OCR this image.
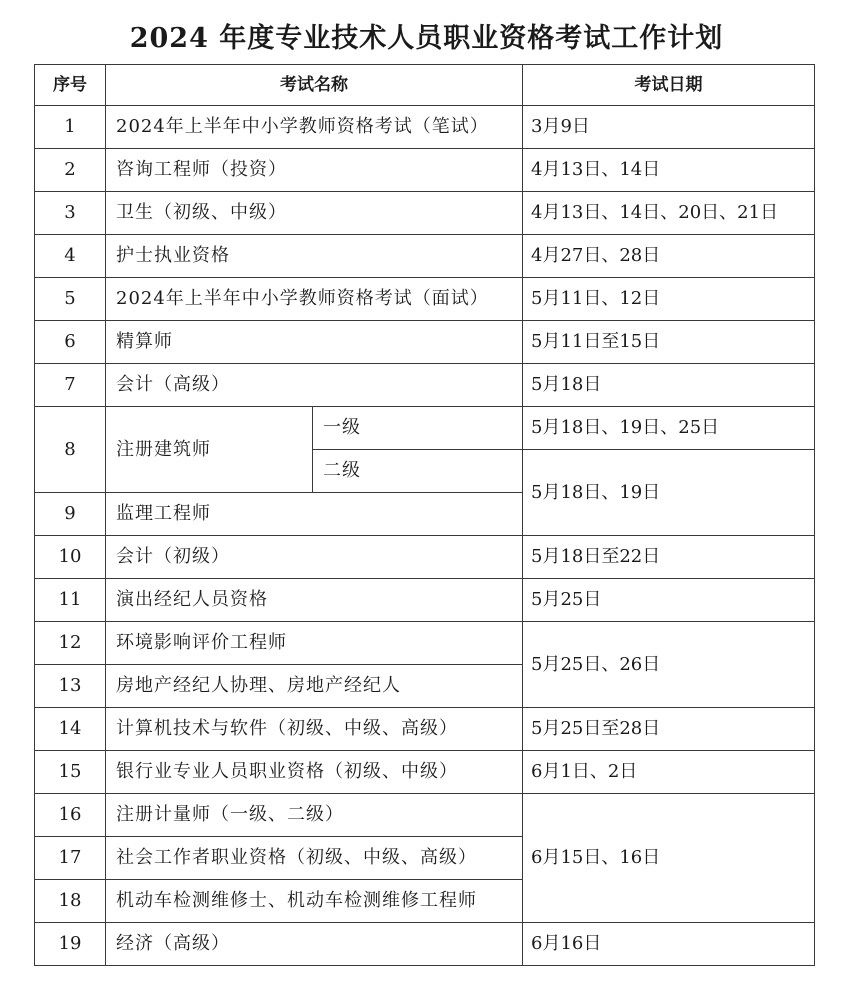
2024 年度专业技术人员职业资格考试工作计划
序号	考试名称		考试日期
1	2024年上半年中小学教师资格考试（笔试）		3月9日
2	咨询工程师（投资）		4月13日、14日
3	卫生（初级、中级）		4月13日、14日、20日、21日
4	护士执业资格		4月27日、28日
5	2024年上半年中小学教师资格考试（面试）		5月11日、12日
6	精算师		5月11日至15日
7	会计（高级）		5月18日
8	注册建筑师	一级	5月18日、19日、25日
		二级	5月18日、19日
9	监理工程师		
10	会计（初级）		5月18日至22日
11	演出经纪人员资格		5月25日
12	环境影响评价工程师		5月25日、26日
13	房地产经纪人协理、房地产经纪人		
14	计算机技术与软件（初级、中级、高级）		5月25日至28日
15	银行业专业人员职业资格（初级、中级）		6月1日、2日
16	注册计量师（一级、二级）		6月15日、16日
17	社会工作者职业资格（初级、中级、高级）		
18	机动车检测维修士、机动车检测维修工程师		
19	经济（高级）		6月16日
